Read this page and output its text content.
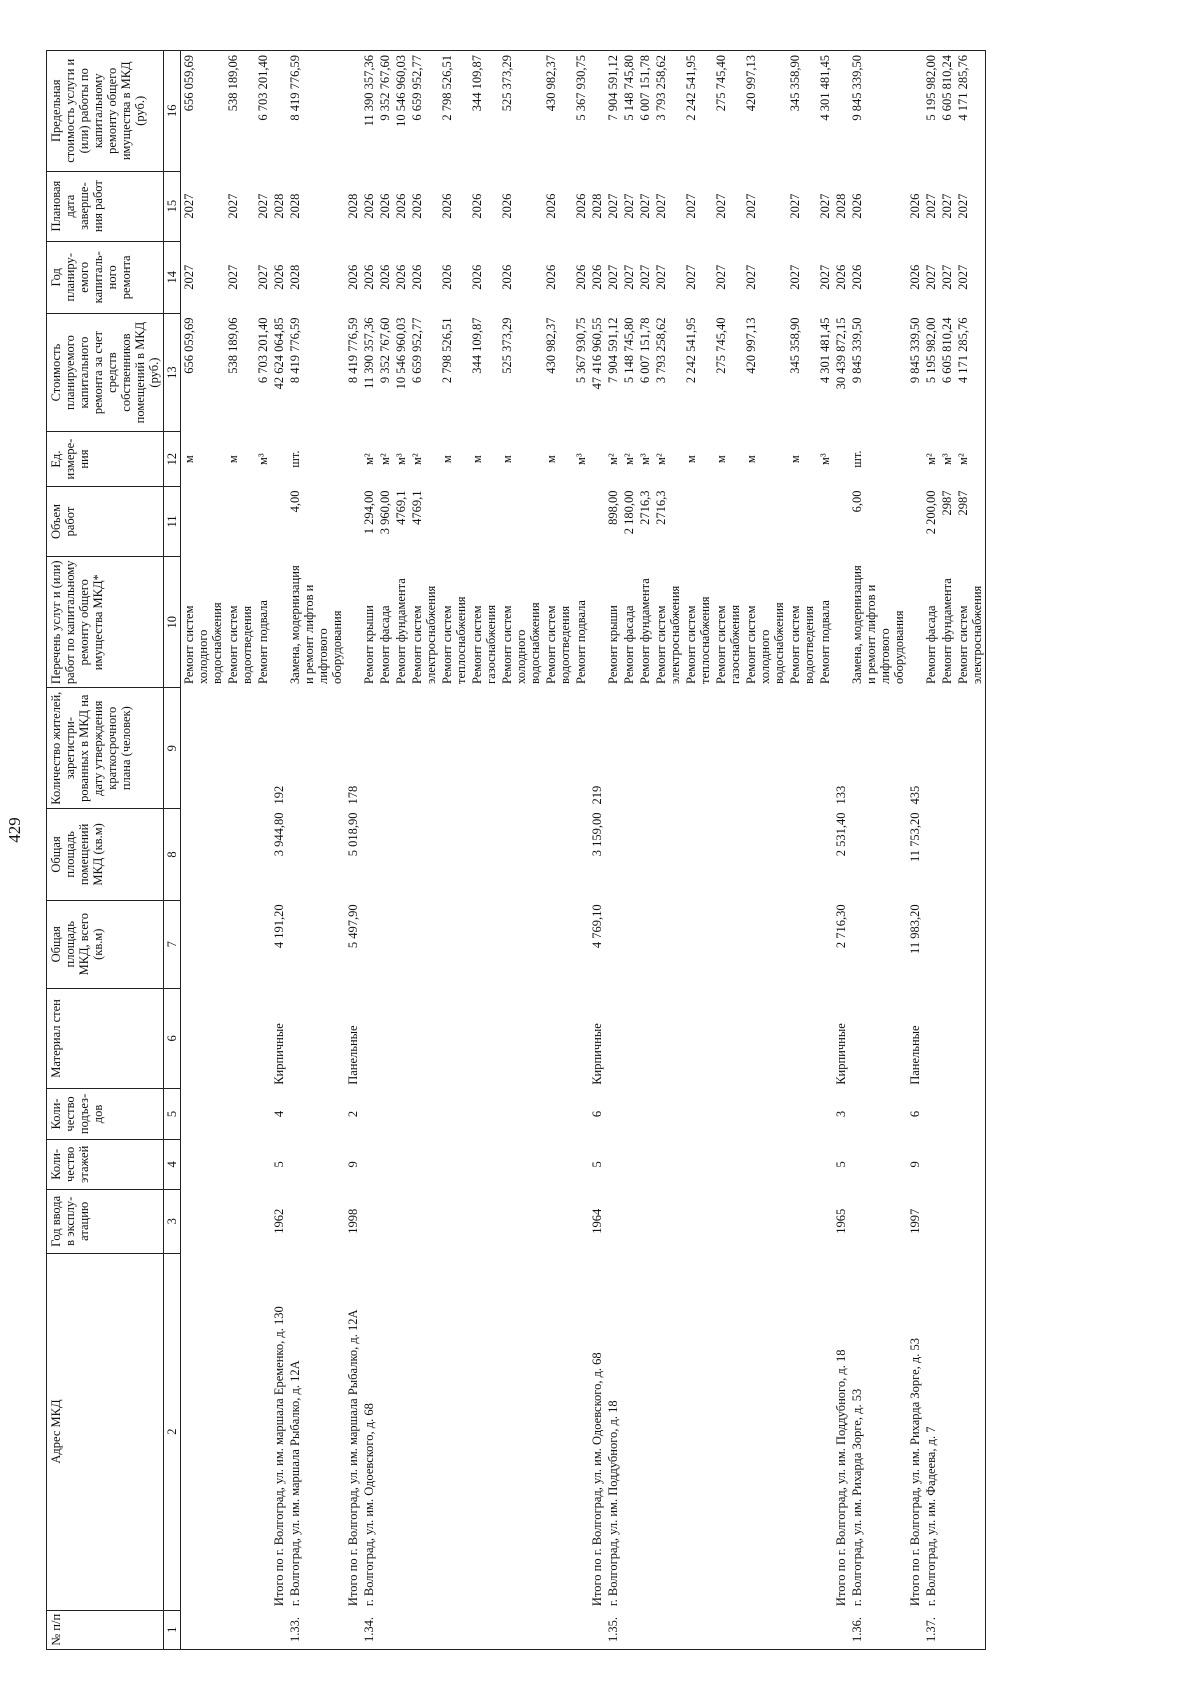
429
№ п/п	Адрес МКД	Год ввода в эксплу-атацию	Коли-чество этажей	Коли-чество подъез-дов	Материал стен	Общая площадь МКД, всего (кв.м)	Общая площадь помещений МКД (кв.м)	Количество жителей, зарегистри-рованных в МКД на дату утверждения краткосрочного плана (человек)	Перечень услуг и (или) работ по капитальному ремонту общего имущества МКД*	Объем работ	Ед. измере-ния	Стоимость планируемого капитального ремонта за счет средств собственников помещений в МКД (руб.)	Год планиру-емого капиталь-ного ремонта	Плановая дата заверше-ния работ	Предельная стоимость услуги и (или) работы по капитальному ремонту общего имущества в МКД (руб.)
1	2	3	4	5	6	7	8	9	10	11	12	13	14	15	16
									Ремонт систем холодного водоснабжения		м	656 059,69	2027	2027	656 059,69
									Ремонт систем водоотведения		м	538 189,06	2027	2027	538 189,06
									Ремонт подвала		м³	6 703 201,40	2027	2027	6 703 201,40
	Итого по г. Волгоград, ул. им. маршала Еременко, д. 130	1962	5	4	Кирпичные	4 191,20	3 944,80	192				42 624 064,85	2026	2028	
1.33.	г. Волгоград, ул. им. маршала Рыбалко, д. 12А								Замена, модернизация и ремонт лифтов и лифтового оборудования	4,00	шт.	8 419 776,59	2028	2028	8 419 776,59
	Итого по г. Волгоград, ул. им. маршала Рыбалко, д. 12А	1998	9	2	Панельные	5 497,90	5 018,90	178				8 419 776,59	2026	2028	
1.34.	г. Волгоград, ул. им. Одоевского, д. 68								Ремонт крыши	1 294,00	м²	11 390 357,36	2026	2026	11 390 357,36
									Ремонт фасада	3 960,00	м²	9 352 767,60	2026	2026	9 352 767,60
									Ремонт фундамента	4769,1	м³	10 546 960,03	2026	2026	10 546 960,03
									Ремонт систем электроснабжения	4769,1	м²	6 659 952,77	2026	2026	6 659 952,77
									Ремонт систем теплоснабжения		м	2 798 526,51	2026	2026	2 798 526,51
									Ремонт систем газоснабжения		м	344 109,87	2026	2026	344 109,87
									Ремонт систем холодного водоснабжения		м	525 373,29	2026	2026	525 373,29
									Ремонт систем водоотведения		м	430 982,37	2026	2026	430 982,37
									Ремонт подвала		м³	5 367 930,75	2026	2026	5 367 930,75
	Итого по г. Волгоград, ул. им. Одоевского, д. 68	1964	5	6	Кирпичные	4 769,10	3 159,00	219				47 416 960,55	2026	2028	
1.35.	г. Волгоград, ул. им. Поддубного, д. 18								Ремонт крыши	898,00	м²	7 904 591,12	2027	2027	7 904 591,12
									Ремонт фасада	2 180,00	м²	5 148 745,80	2027	2027	5 148 745,80
									Ремонт фундамента	2716,3	м³	6 007 151,78	2027	2027	6 007 151,78
									Ремонт систем электроснабжения	2716,3	м²	3 793 258,62	2027	2027	3 793 258,62
									Ремонт систем теплоснабжения		м	2 242 541,95	2027	2027	2 242 541,95
									Ремонт систем газоснабжения		м	275 745,40	2027	2027	275 745,40
									Ремонт систем холодного водоснабжения		м	420 997,13	2027	2027	420 997,13
									Ремонт систем водоотведения		м	345 358,90	2027	2027	345 358,90
									Ремонт подвала		м³	4 301 481,45	2027	2027	4 301 481,45
	Итого по г. Волгоград, ул. им. Поддубного, д. 18	1965	5	3	Кирпичные	2 716,30	2 531,40	133				30 439 872,15	2026	2028	
1.36.	г. Волгоград, ул. им. Рихарда Зорге, д. 53								Замена, модернизация и ремонт лифтов и лифтового оборудования	6,00	шт.	9 845 339,50	2026	2026	9 845 339,50
	Итого по г. Волгоград, ул. им. Рихарда Зорге, д. 53	1997	9	6	Панельные	11 983,20	11 753,20	435				9 845 339,50	2026	2026	
1.37.	г. Волгоград, ул. им. Фадеева, д. 7								Ремонт фасада	2 200,00	м²	5 195 982,00	2027	2027	5 195 982,00
									Ремонт фундамента	2987	м³	6 605 810,24	2027	2027	6 605 810,24
									Ремонт систем электроснабжения	2987	м²	4 171 285,76	2027	2027	4 171 285,76
